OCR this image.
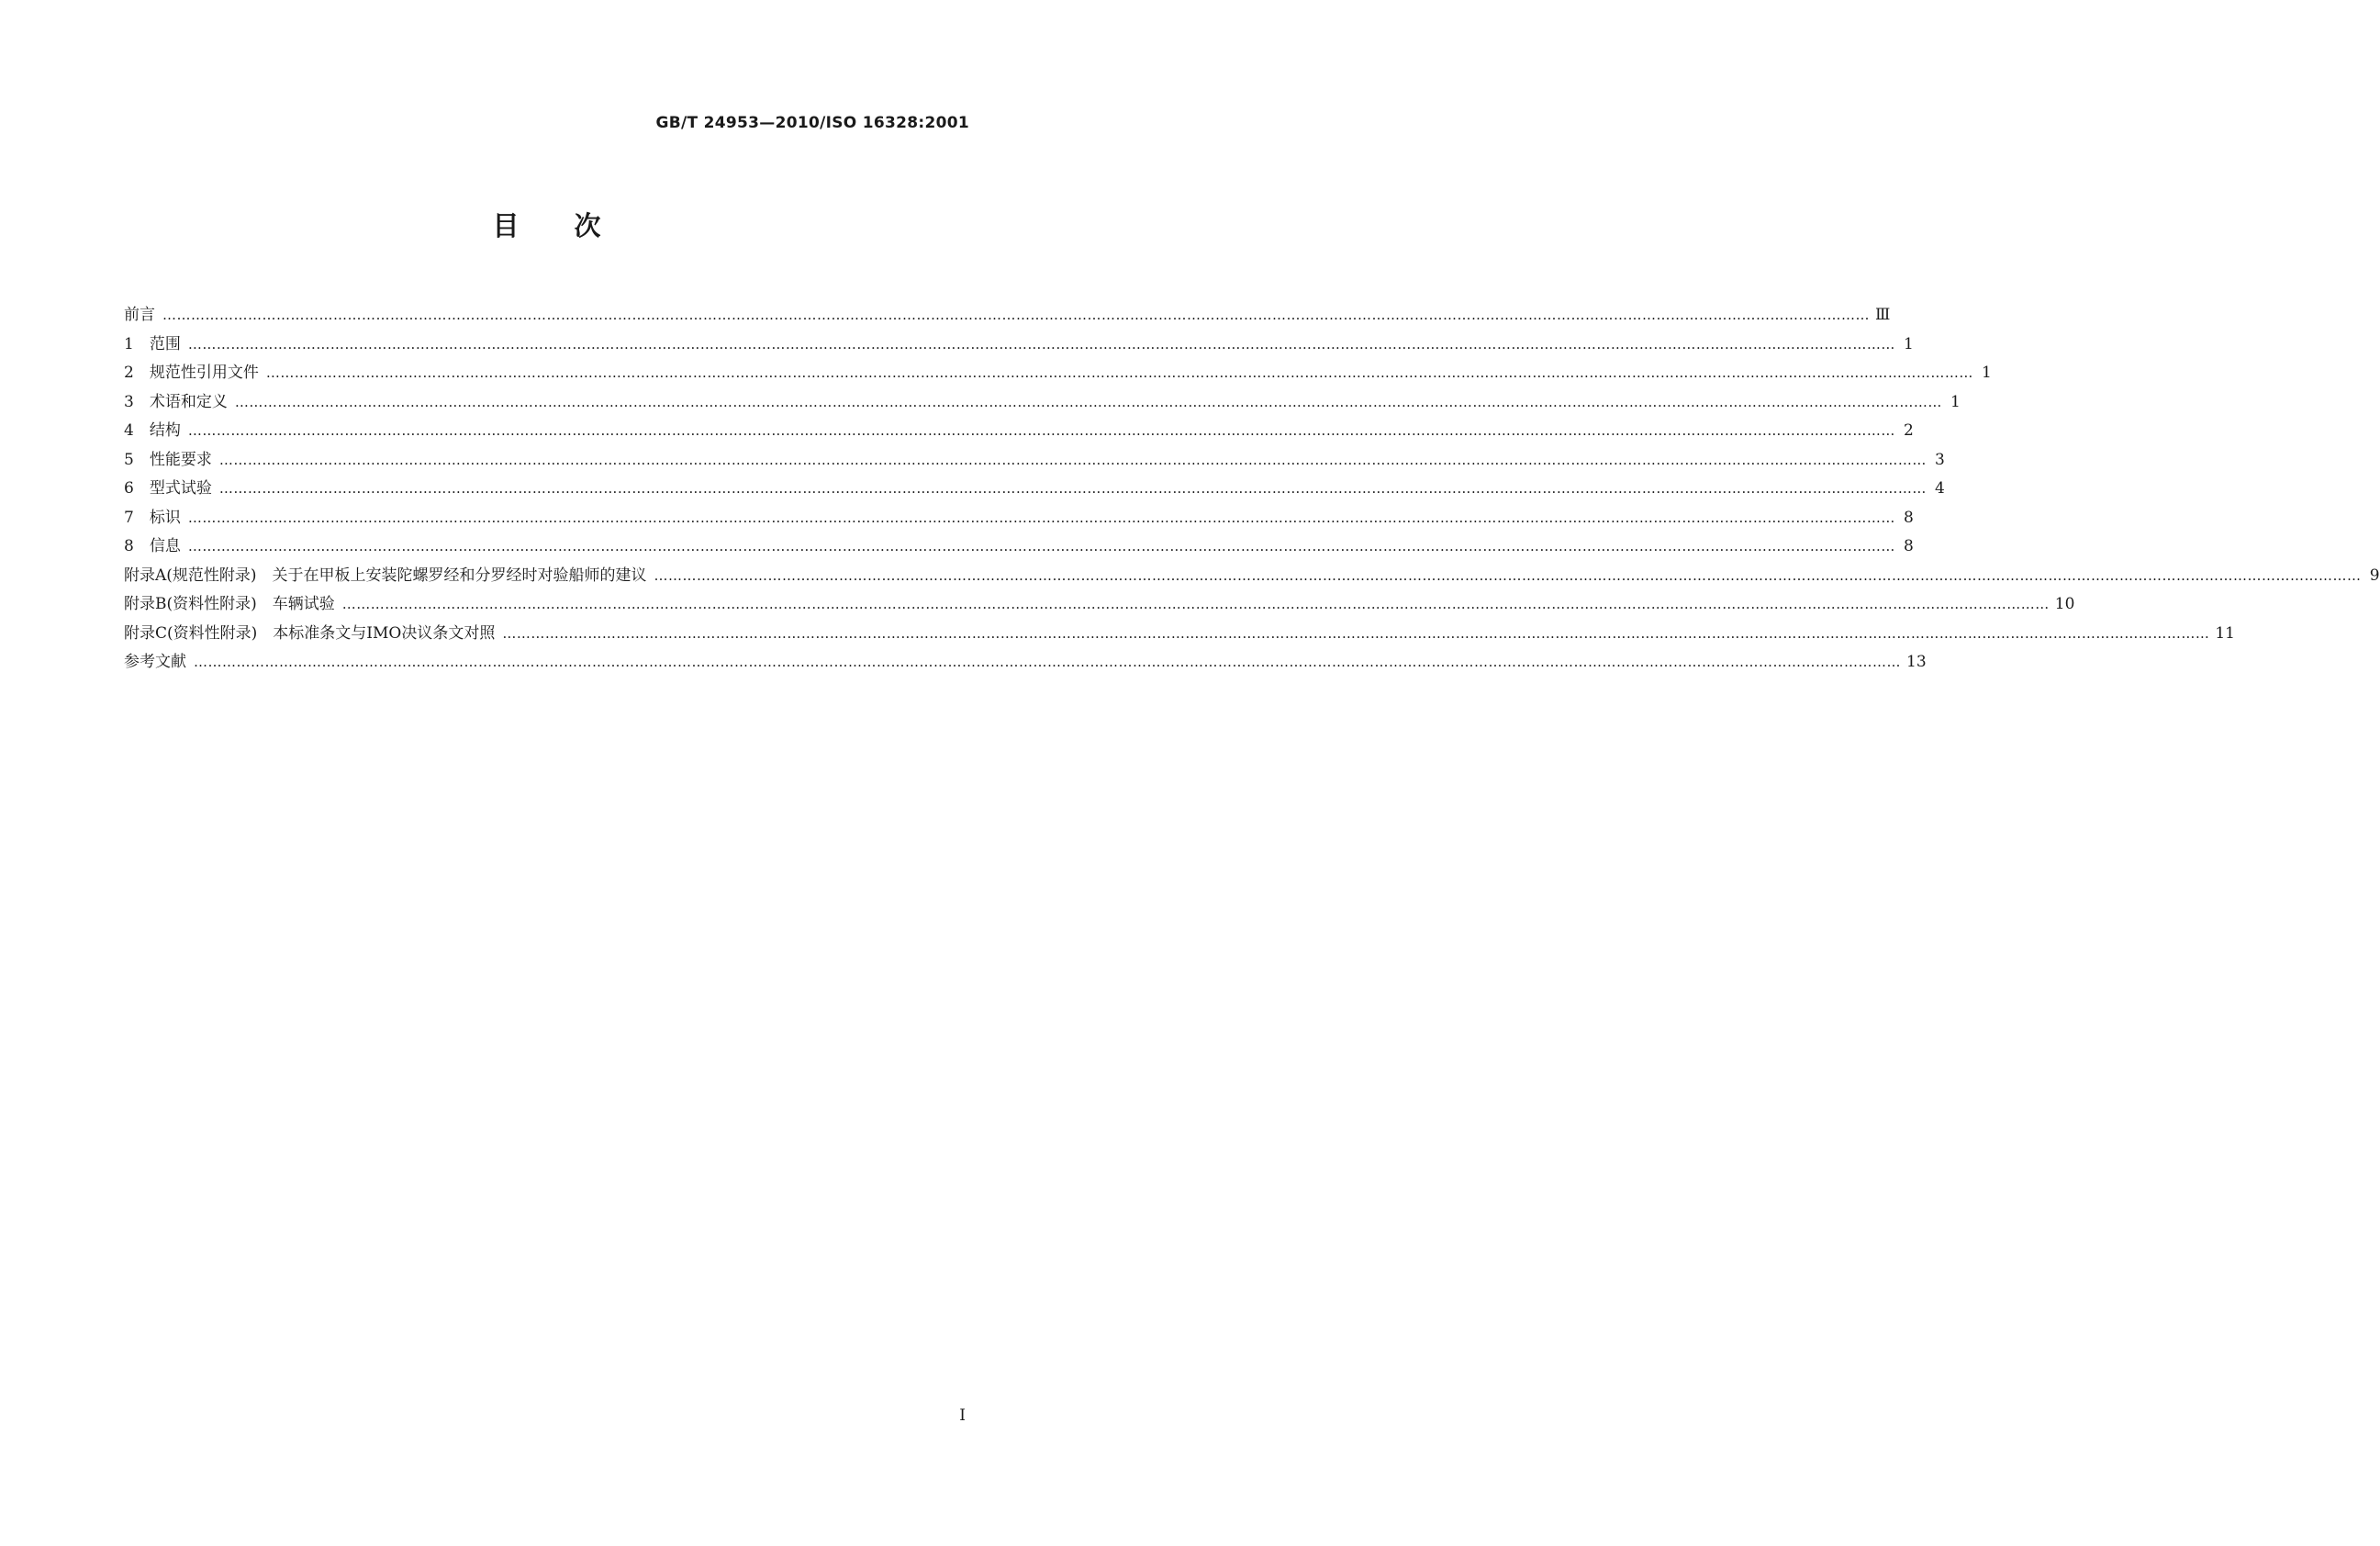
GB/T 24953—2010/ISO 16328:2001
目次
前言 ……………………………………………………………………………………………………………………………………………………………………………………………………………………………………………………………………………………………………………………………… Ⅲ
1　范围 ……………………………………………………………………………………………………………………………………………………………………………………………………………………………………………………………………………………………………………………………… 1
2　规范性引用文件 ……………………………………………………………………………………………………………………………………………………………………………………………………………………………………………………………………………………………………………………………… 1
3　术语和定义 ……………………………………………………………………………………………………………………………………………………………………………………………………………………………………………………………………………………………………………………………… 1
4　结构 ……………………………………………………………………………………………………………………………………………………………………………………………………………………………………………………………………………………………………………………………… 2
5　性能要求 ……………………………………………………………………………………………………………………………………………………………………………………………………………………………………………………………………………………………………………………………… 3
6　型式试验 ……………………………………………………………………………………………………………………………………………………………………………………………………………………………………………………………………………………………………………………………… 4
7　标识 ……………………………………………………………………………………………………………………………………………………………………………………………………………………………………………………………………………………………………………………………… 8
8　信息 ……………………………………………………………………………………………………………………………………………………………………………………………………………………………………………………………………………………………………………………………… 8
附录A(规范性附录)　关于在甲板上安装陀螺罗经和分罗经时对验船师的建议 ……………………………………………………………………………………………………………………………………………………………………………………………………………………………………………………………………………………………………………………………… 9
附录B(资料性附录)　车辆试验 ……………………………………………………………………………………………………………………………………………………………………………………………………………………………………………………………………………………………………………………………… 10
附录C(资料性附录)　本标准条文与IMO决议条文对照 ……………………………………………………………………………………………………………………………………………………………………………………………………………………………………………………………………………………………………………………………… 11
参考文献 ……………………………………………………………………………………………………………………………………………………………………………………………………………………………………………………………………………………………………………………………… 13
Ⅰ
